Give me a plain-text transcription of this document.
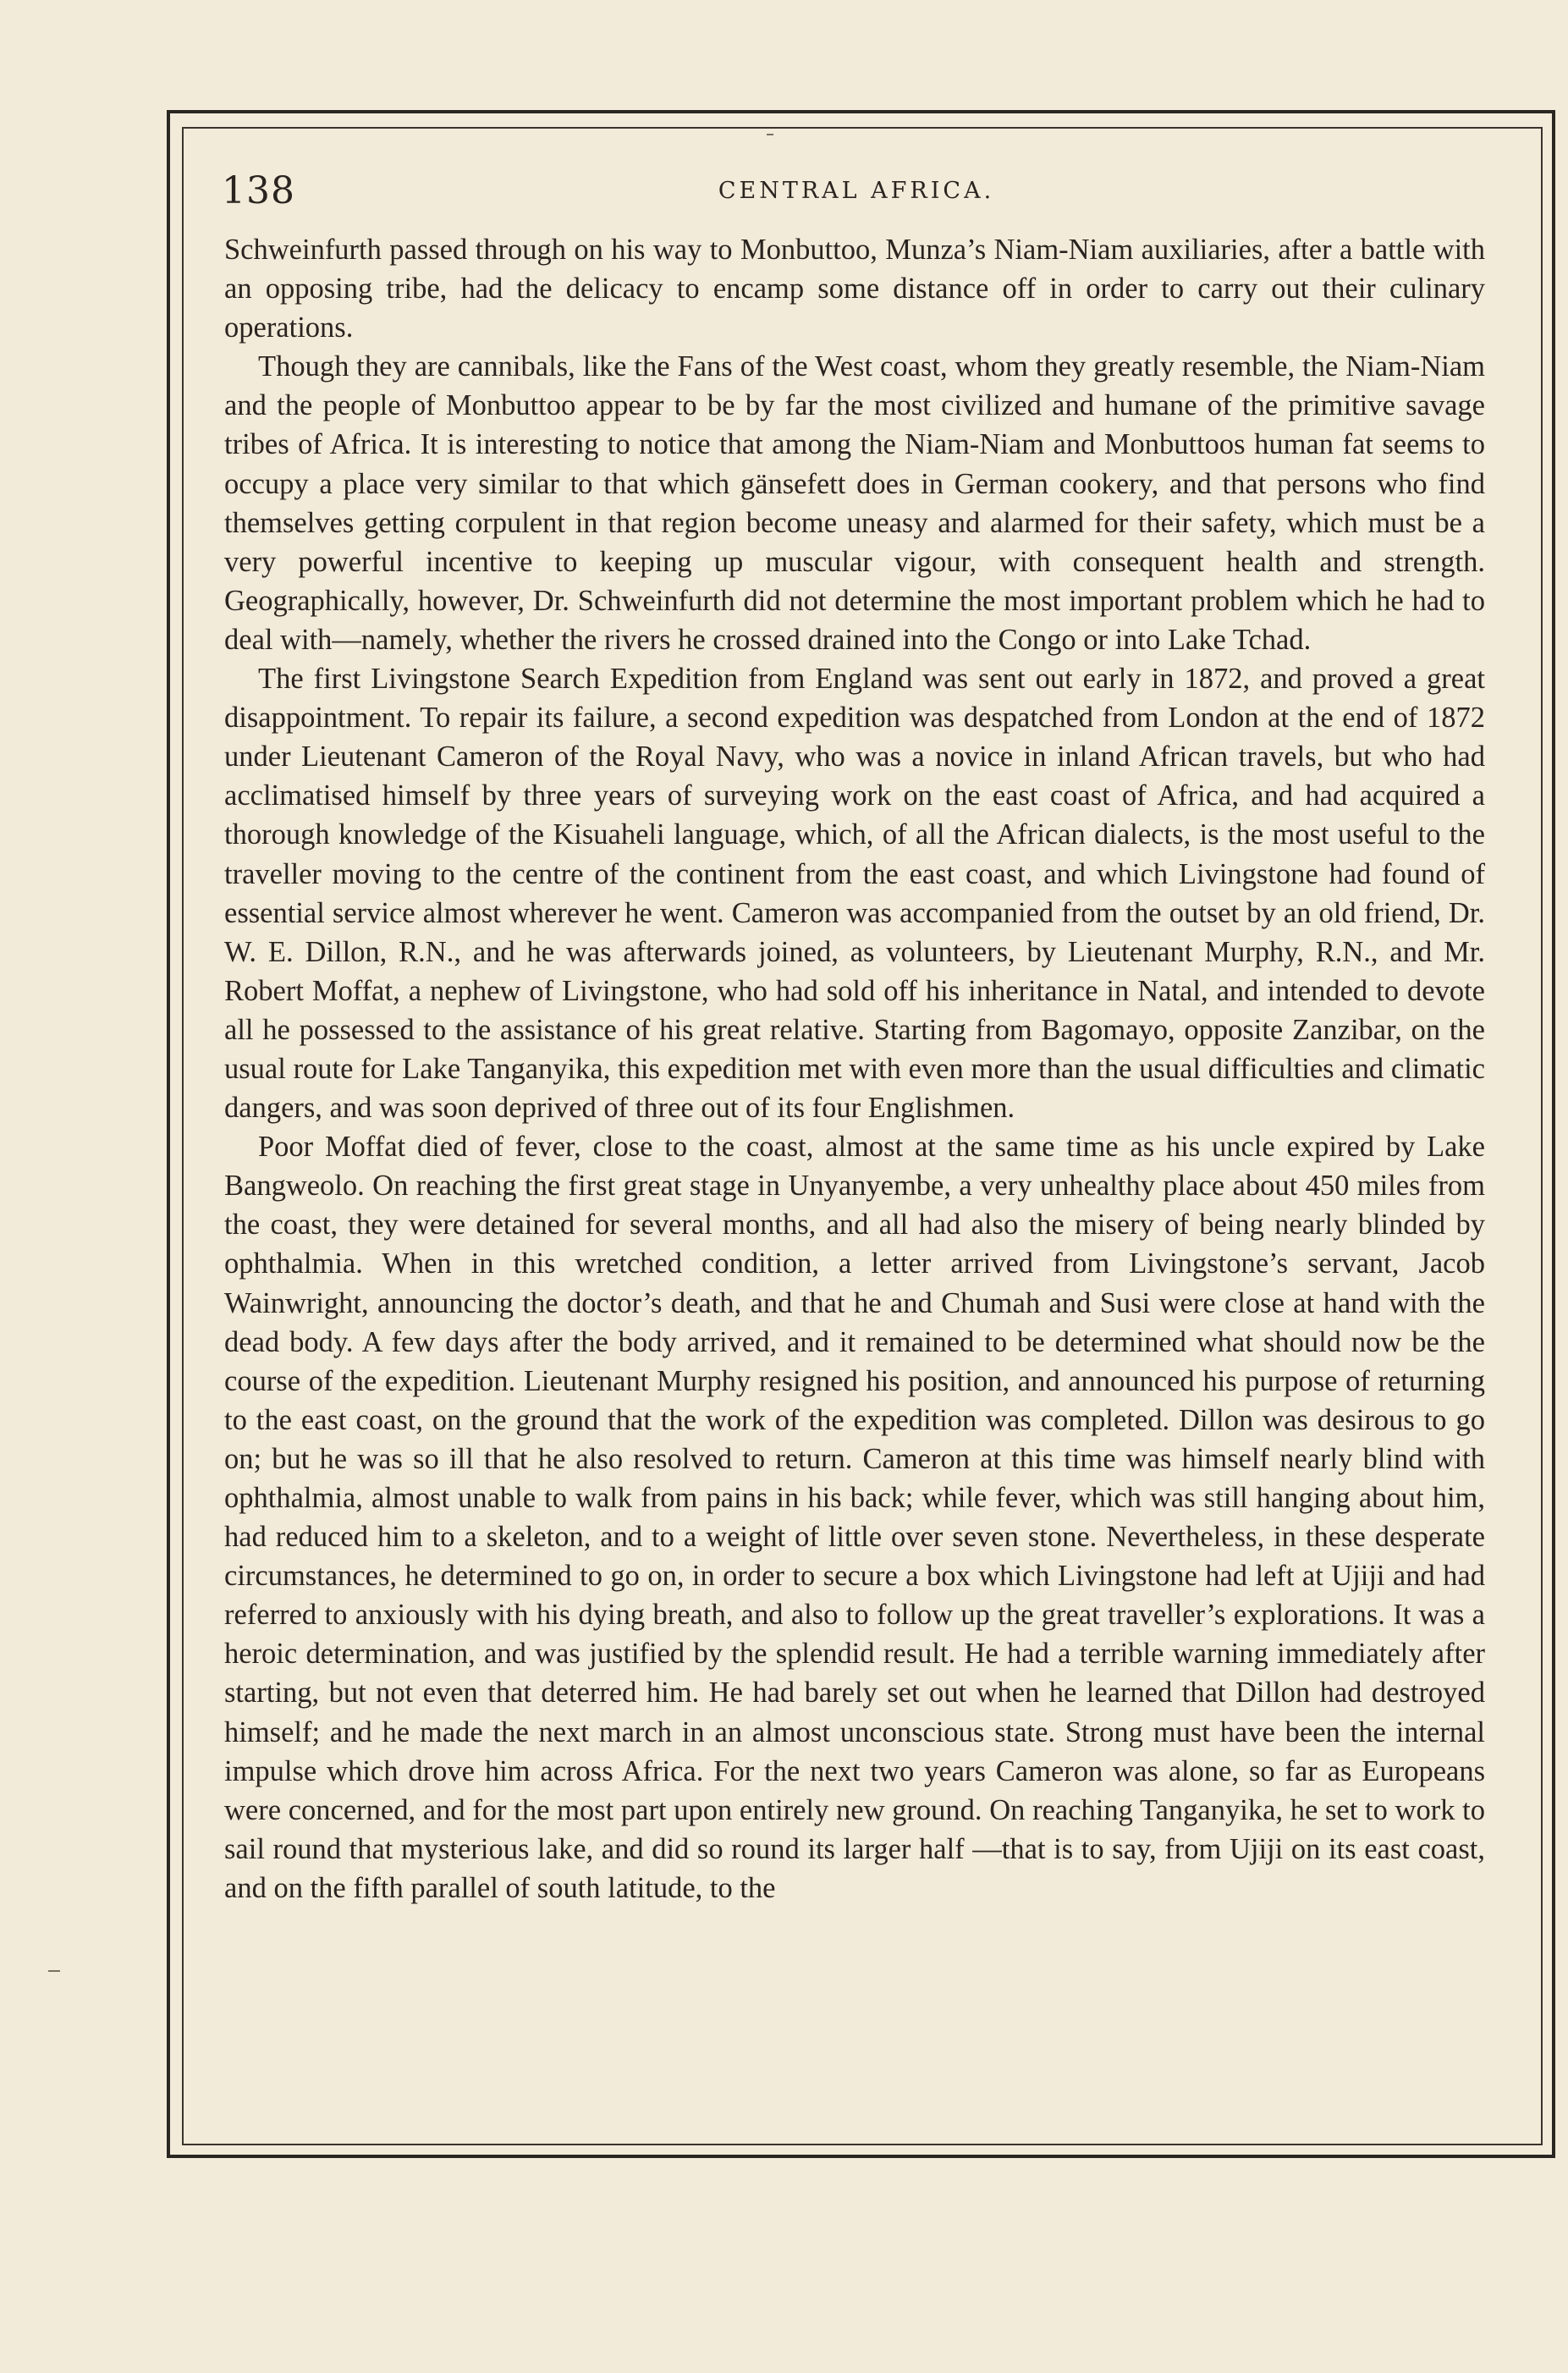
138	CENTRAL AFRICA.

Schweinfurth passed through on his way to Monbuttoo, Munza’s Niam-Niam auxiliaries, after a battle with an opposing tribe, had the delicacy to encamp some distance off in order to carry out their culinary operations.

Though they are cannibals, like the Fans of the West coast, whom they greatly resemble, the Niam-Niam and the people of Monbuttoo appear to be by far the most civilized and humane of the primitive savage tribes of Africa. It is interesting to notice that among the Niam-Niam and Monbuttoos human fat seems to occupy a place very similar to that which gänsefett does in German cookery, and that persons who find themselves getting corpulent in that region become uneasy and alarmed for their safety, which must be a very powerful incentive to keeping up muscular vigour, with consequent health and strength. Geographically, however, Dr. Schweinfurth did not determine the most important problem which he had to deal with—namely, whether the rivers he crossed drained into the Congo or into Lake Tchad.

The first Livingstone Search Expedition from England was sent out early in 1872, and proved a great disappointment. To repair its failure, a second expedition was despatched from London at the end of 1872 under Lieutenant Cameron of the Royal Navy, who was a novice in inland African travels, but who had acclimatised himself by three years of surveying work on the east coast of Africa, and had acquired a thorough knowledge of the Kisuaheli language, which, of all the African dialects, is the most useful to the traveller moving to the centre of the continent from the east coast, and which Livingstone had found of essential service almost wherever he went. Cameron was accompanied from the outset by an old friend, Dr. W. E. Dillon, R.N., and he was afterwards joined, as volunteers, by Lieutenant Murphy, R.N., and Mr. Robert Moffat, a nephew of Livingstone, who had sold off his inheritance in Natal, and intended to devote all he possessed to the assistance of his great relative. Starting from Bagomayo, opposite Zanzibar, on the usual route for Lake Tanganyika, this expedition met with even more than the usual difficulties and climatic dangers, and was soon deprived of three out of its four Englishmen.

Poor Moffat died of fever, close to the coast, almost at the same time as his uncle expired by Lake Bangweolo. On reaching the first great stage in Unyanyembe, a very unhealthy place about 450 miles from the coast, they were detained for several months, and all had also the misery of being nearly blinded by ophthalmia. When in this wretched condition, a letter arrived from Livingstone’s servant, Jacob Wainwright, announcing the doctor’s death, and that he and Chumah and Susi were close at hand with the dead body. A few days after the body arrived, and it remained to be determined what should now be the course of the expedition. Lieutenant Murphy resigned his position, and announced his purpose of returning to the east coast, on the ground that the work of the expedition was completed. Dillon was desirous to go on; but he was so ill that he also resolved to return. Cameron at this time was himself nearly blind with ophthalmia, almost unable to walk from pains in his back; while fever, which was still hanging about him, had reduced him to a skeleton, and to a weight of little over seven stone. Nevertheless, in these desperate circumstances, he determined to go on, in order to secure a box which Livingstone had left at Ujiji and had referred to anxiously with his dying breath, and also to follow up the great traveller’s explorations. It was a heroic determination, and was justified by the splendid result. He had a terrible warning immediately after starting, but not even that deterred him. He had barely set out when he learned that Dillon had destroyed himself; and he made the next march in an almost unconscious state. Strong must have been the internal impulse which drove him across Africa. For the next two years Cameron was alone, so far as Europeans were concerned, and for the most part upon entirely new ground. On reaching Tanganyika, he set to work to sail round that mysterious lake, and did so round its larger half —that is to say, from Ujiji on its east coast, and on the fifth parallel of south latitude, to the
